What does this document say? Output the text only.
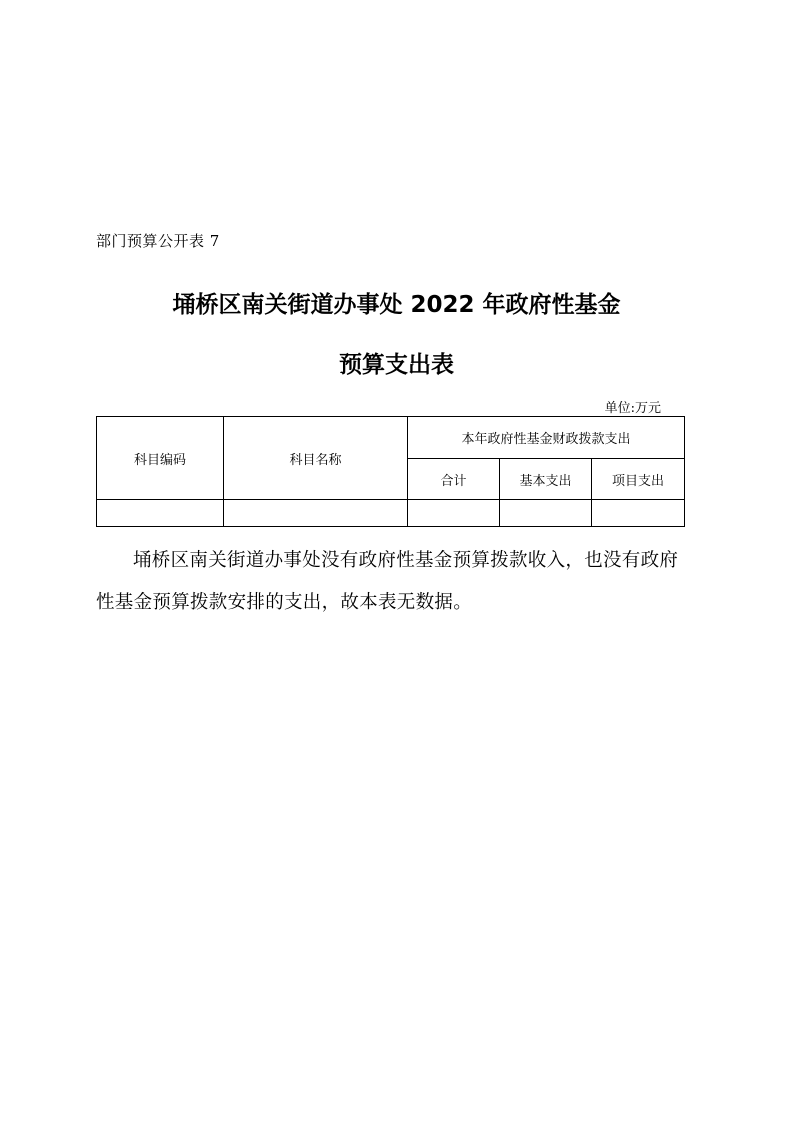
部门预算公开表 7
埇桥区南关街道办事处 2022 年政府性基金
预算支出表
单位:万元
科目编码	科目名称	本年政府性基金财政拨款支出		
		合计	基本支出	项目支出

埇桥区南关街道办事处没有政府性基金预算拨款收入，也没有政府性基金预算拨款安排的支出，故本表无数据。
